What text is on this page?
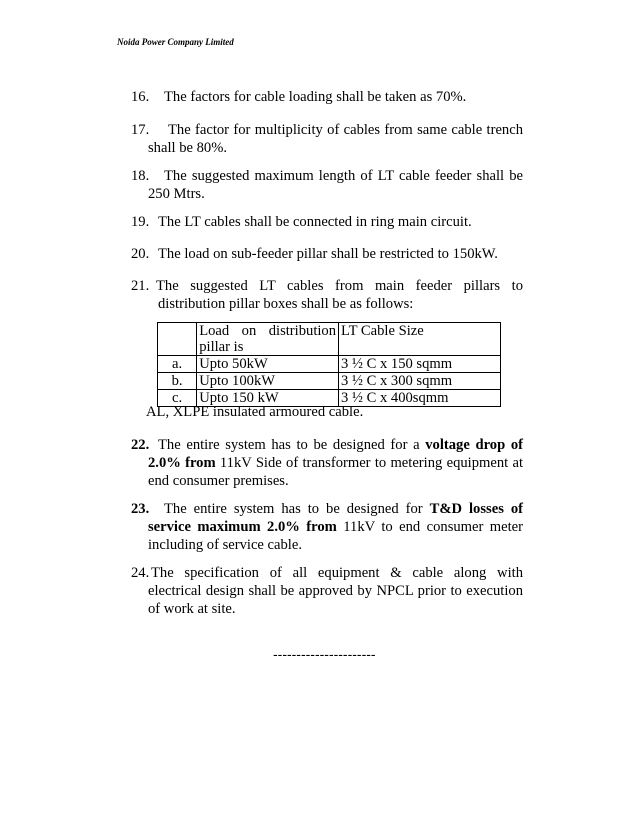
Noida Power Company Limited
16.	The factors for cable loading shall be taken as 70%.
17.	The factor for multiplicity of cables from same cable trench shall be 80%.
18.	The suggested maximum length of LT cable feeder shall be 250 Mtrs.
19. The LT cables shall be connected in ring main circuit.
20. The load on sub-feeder pillar shall be restricted to 150kW.
21. The suggested LT cables from main feeder pillars to distribution pillar boxes shall be as follows:

	Load on distribution pillar is	LT Cable Size
a.	Upto 50kW	3 ½ C x 150 sqmm
b.	Upto 100kW	3 ½ C x 300 sqmm
c.	Upto 150 kW	3 ½ C x 400sqmm
AL, XLPE insulated armoured cable.
22. The entire system has to be designed for a voltage drop of 2.0% from 11kV Side of transformer to metering equipment at end consumer premises.
23.	The entire system has to be designed for T&D losses of service maximum 2.0% from 11kV to end consumer meter including of service cable.
24. The specification of all equipment & cable along with electrical design shall be approved by NPCL prior to execution of work at site.
----------------------
